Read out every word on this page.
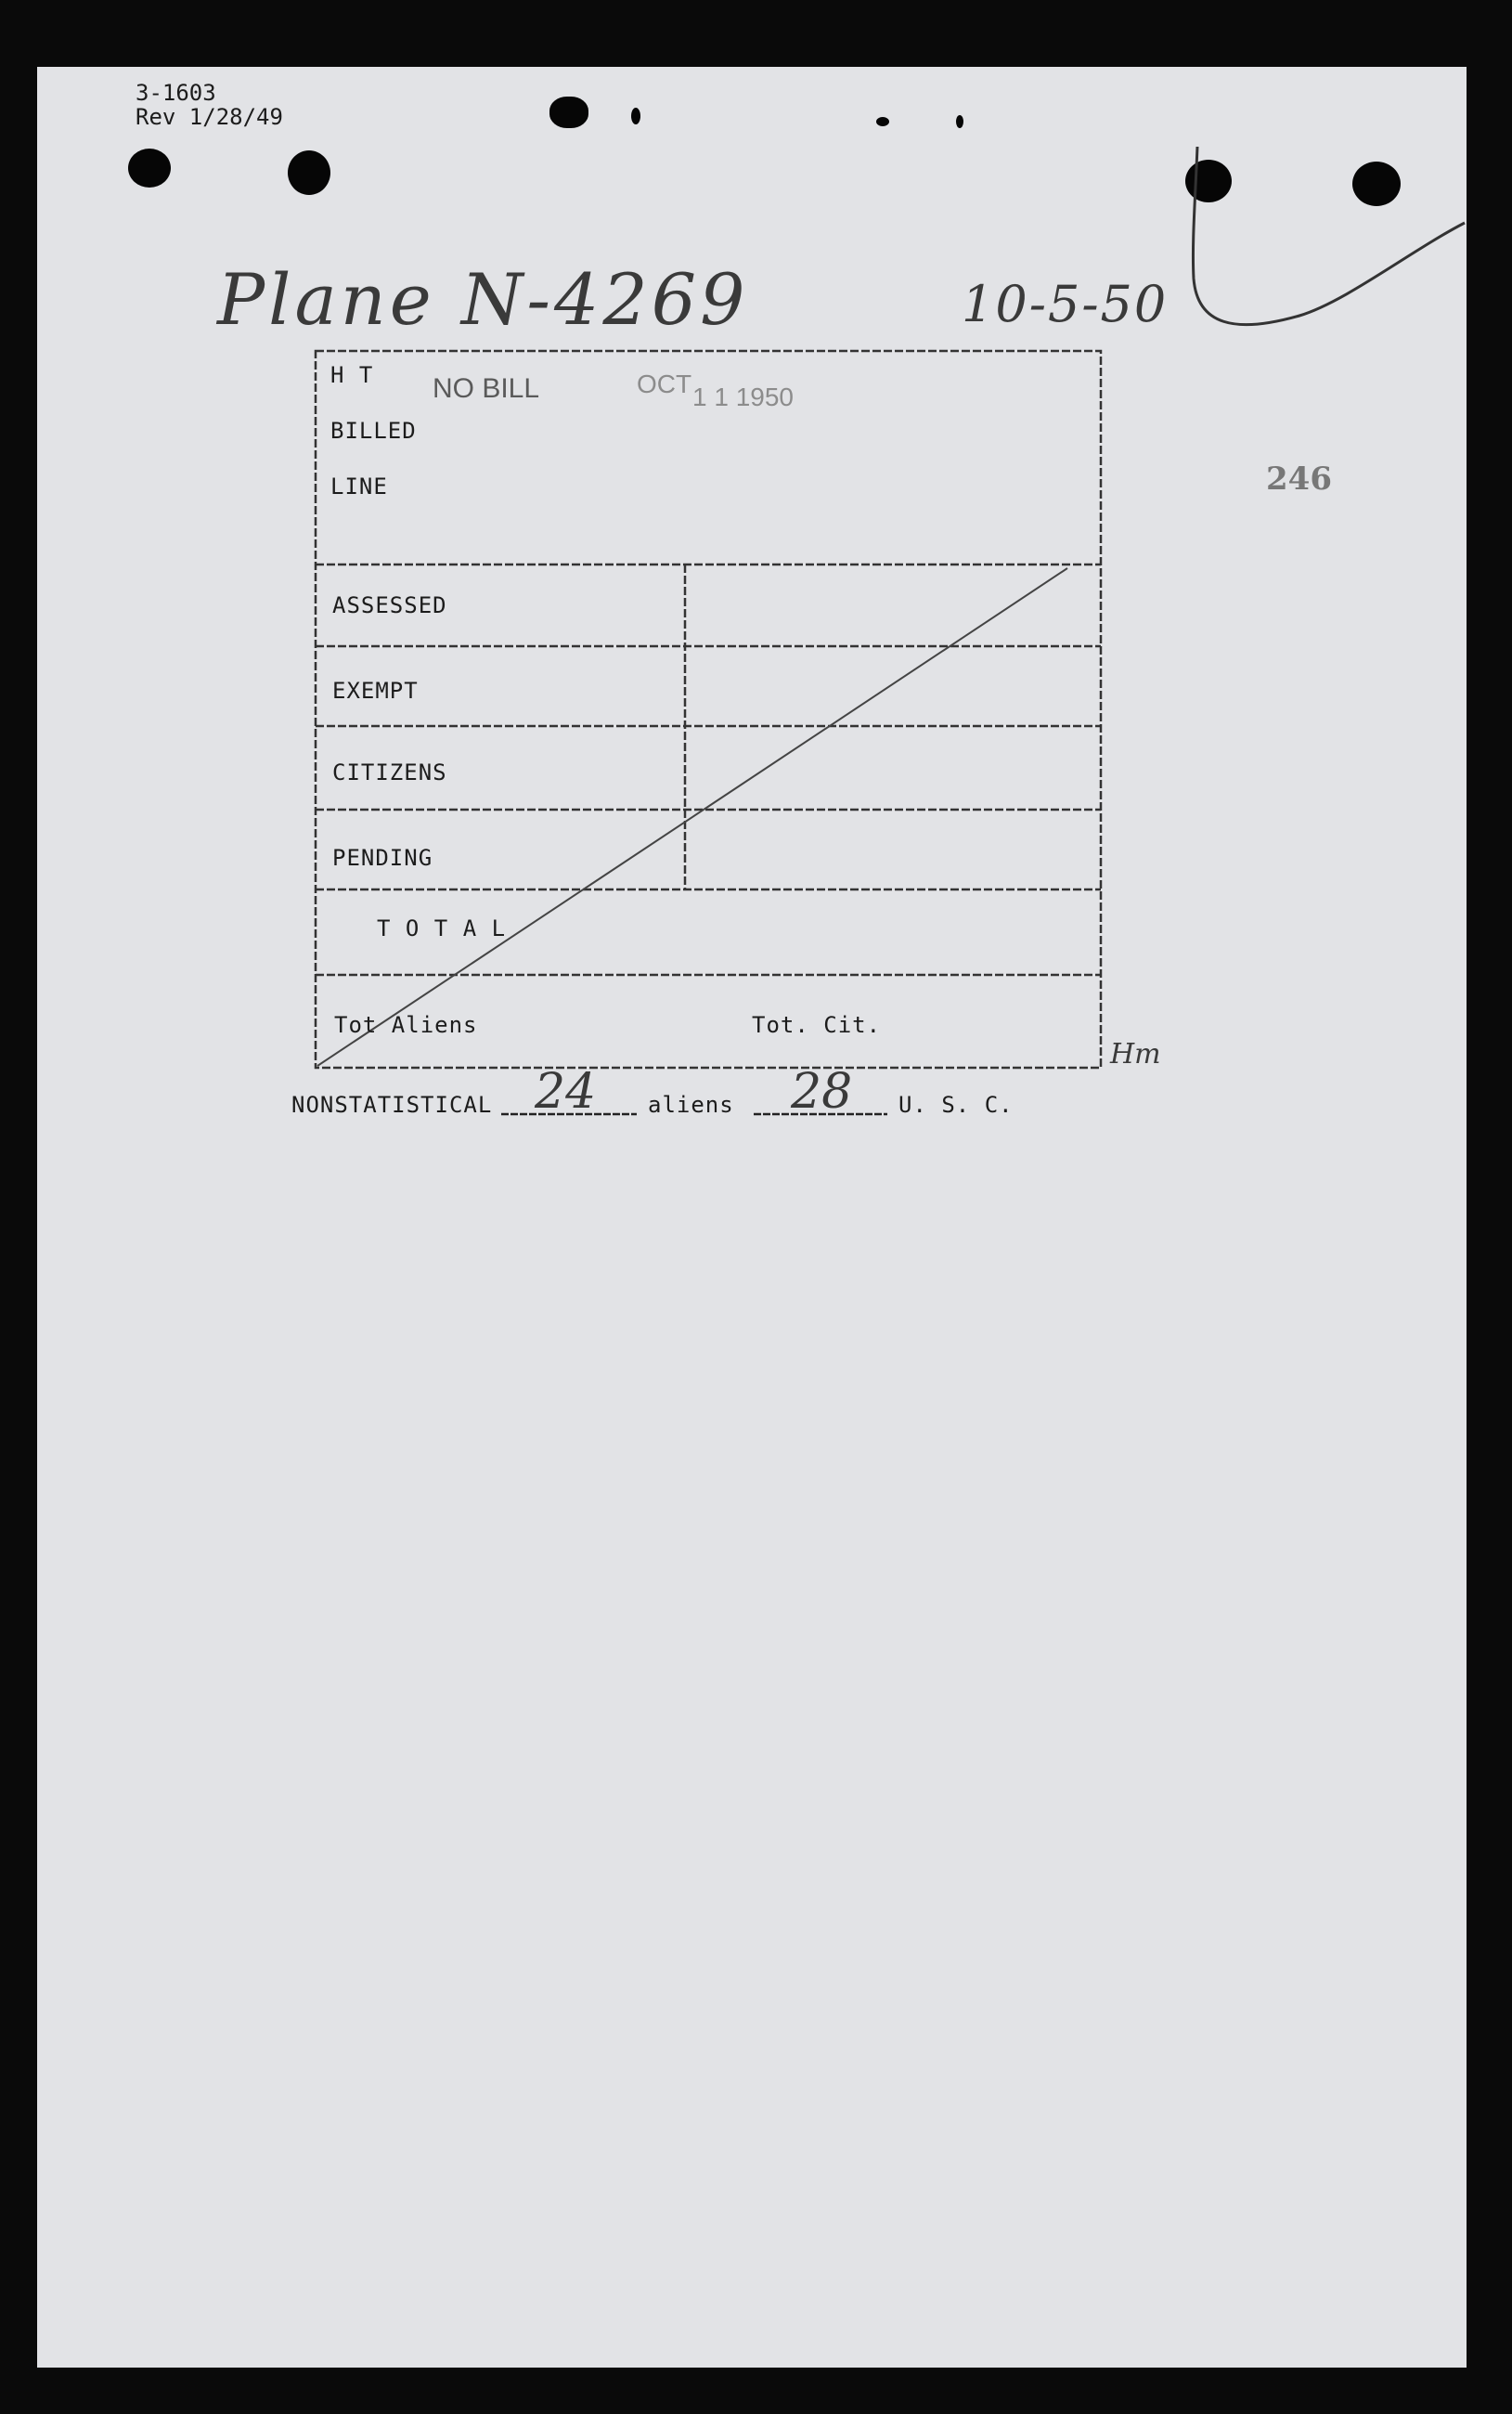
3-1603
Rev 1/28/49
Plane N-4269	10-5-50
NO BILL	OCT 1 1 1950
246
H T
BILLED
LINE
ASSESSED
EXEMPT
CITIZENS
PENDING
T O T A L
Tot Aliens	Tot. Cit.
Hm
NONSTATISTICAL 24 aliens 28 U. S. C.
